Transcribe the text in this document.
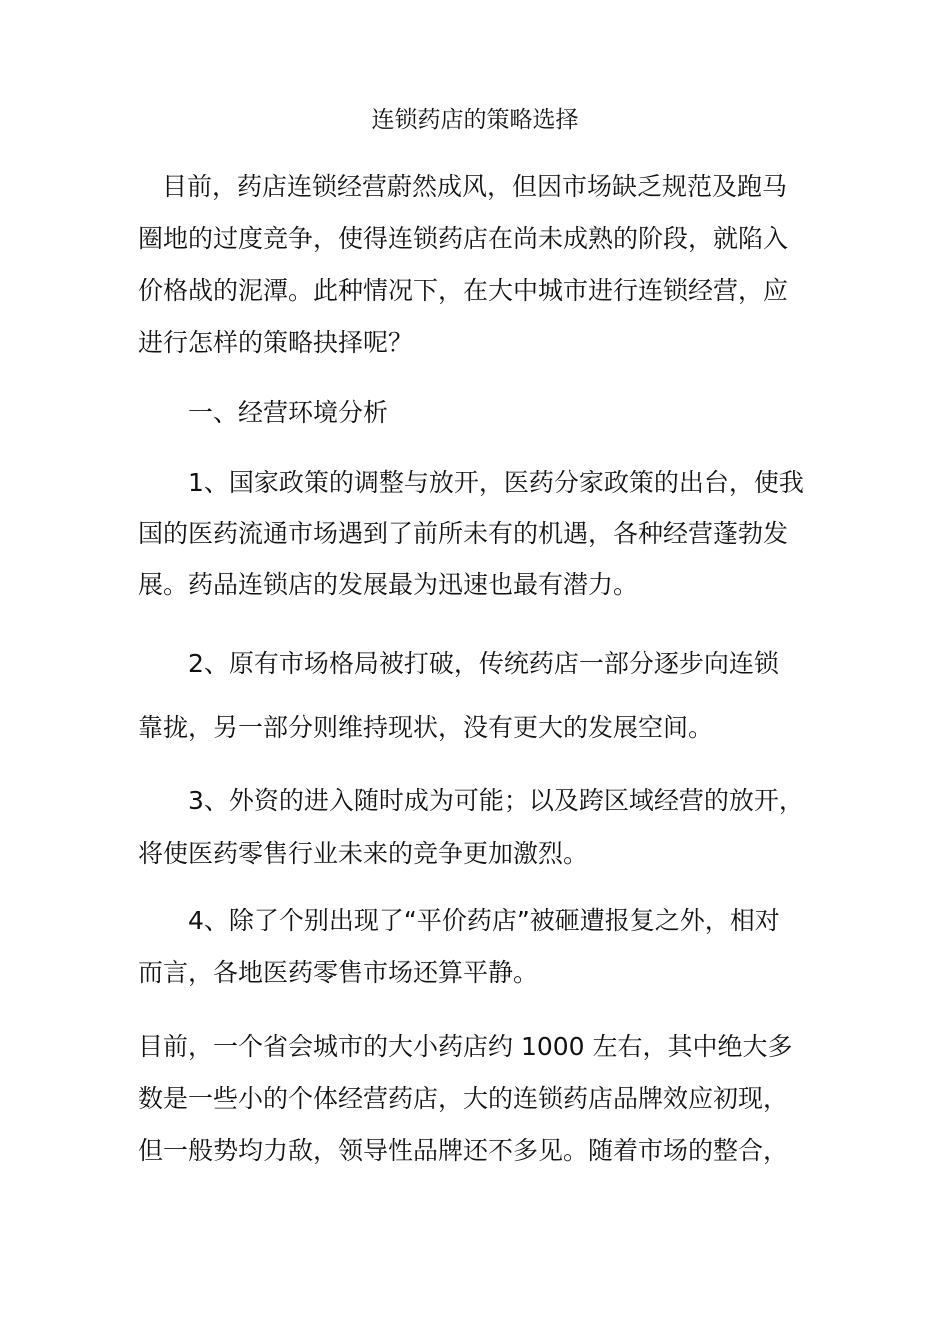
连锁药店的策略选择
目前，药店连锁经营蔚然成风，但因市场缺乏规范及跑马
圈地的过度竞争，使得连锁药店在尚未成熟的阶段，就陷入
价格战的泥潭。此种情况下，在大中城市进行连锁经营，应
进行怎样的策略抉择呢？
一、经营环境分析
1、国家政策的调整与放开，医药分家政策的出台，使我
国的医药流通市场遇到了前所未有的机遇，各种经营蓬勃发
展。药品连锁店的发展最为迅速也最有潜力。
2、原有市场格局被打破，传统药店一部分逐步向连锁
靠拢，另一部分则维持现状，没有更大的发展空间。
3、外资的进入随时成为可能；以及跨区域经营的放开，
将使医药零售行业未来的竞争更加激烈。
4、除了个别出现了“平价药店”被砸遭报复之外，相对
而言，各地医药零售市场还算平静。
目前，一个省会城市的大小药店约 1000 左右，其中绝大多
数是一些小的个体经营药店，大的连锁药店品牌效应初现，
但一般势均力敌，领导性品牌还不多见。随着市场的整合，
